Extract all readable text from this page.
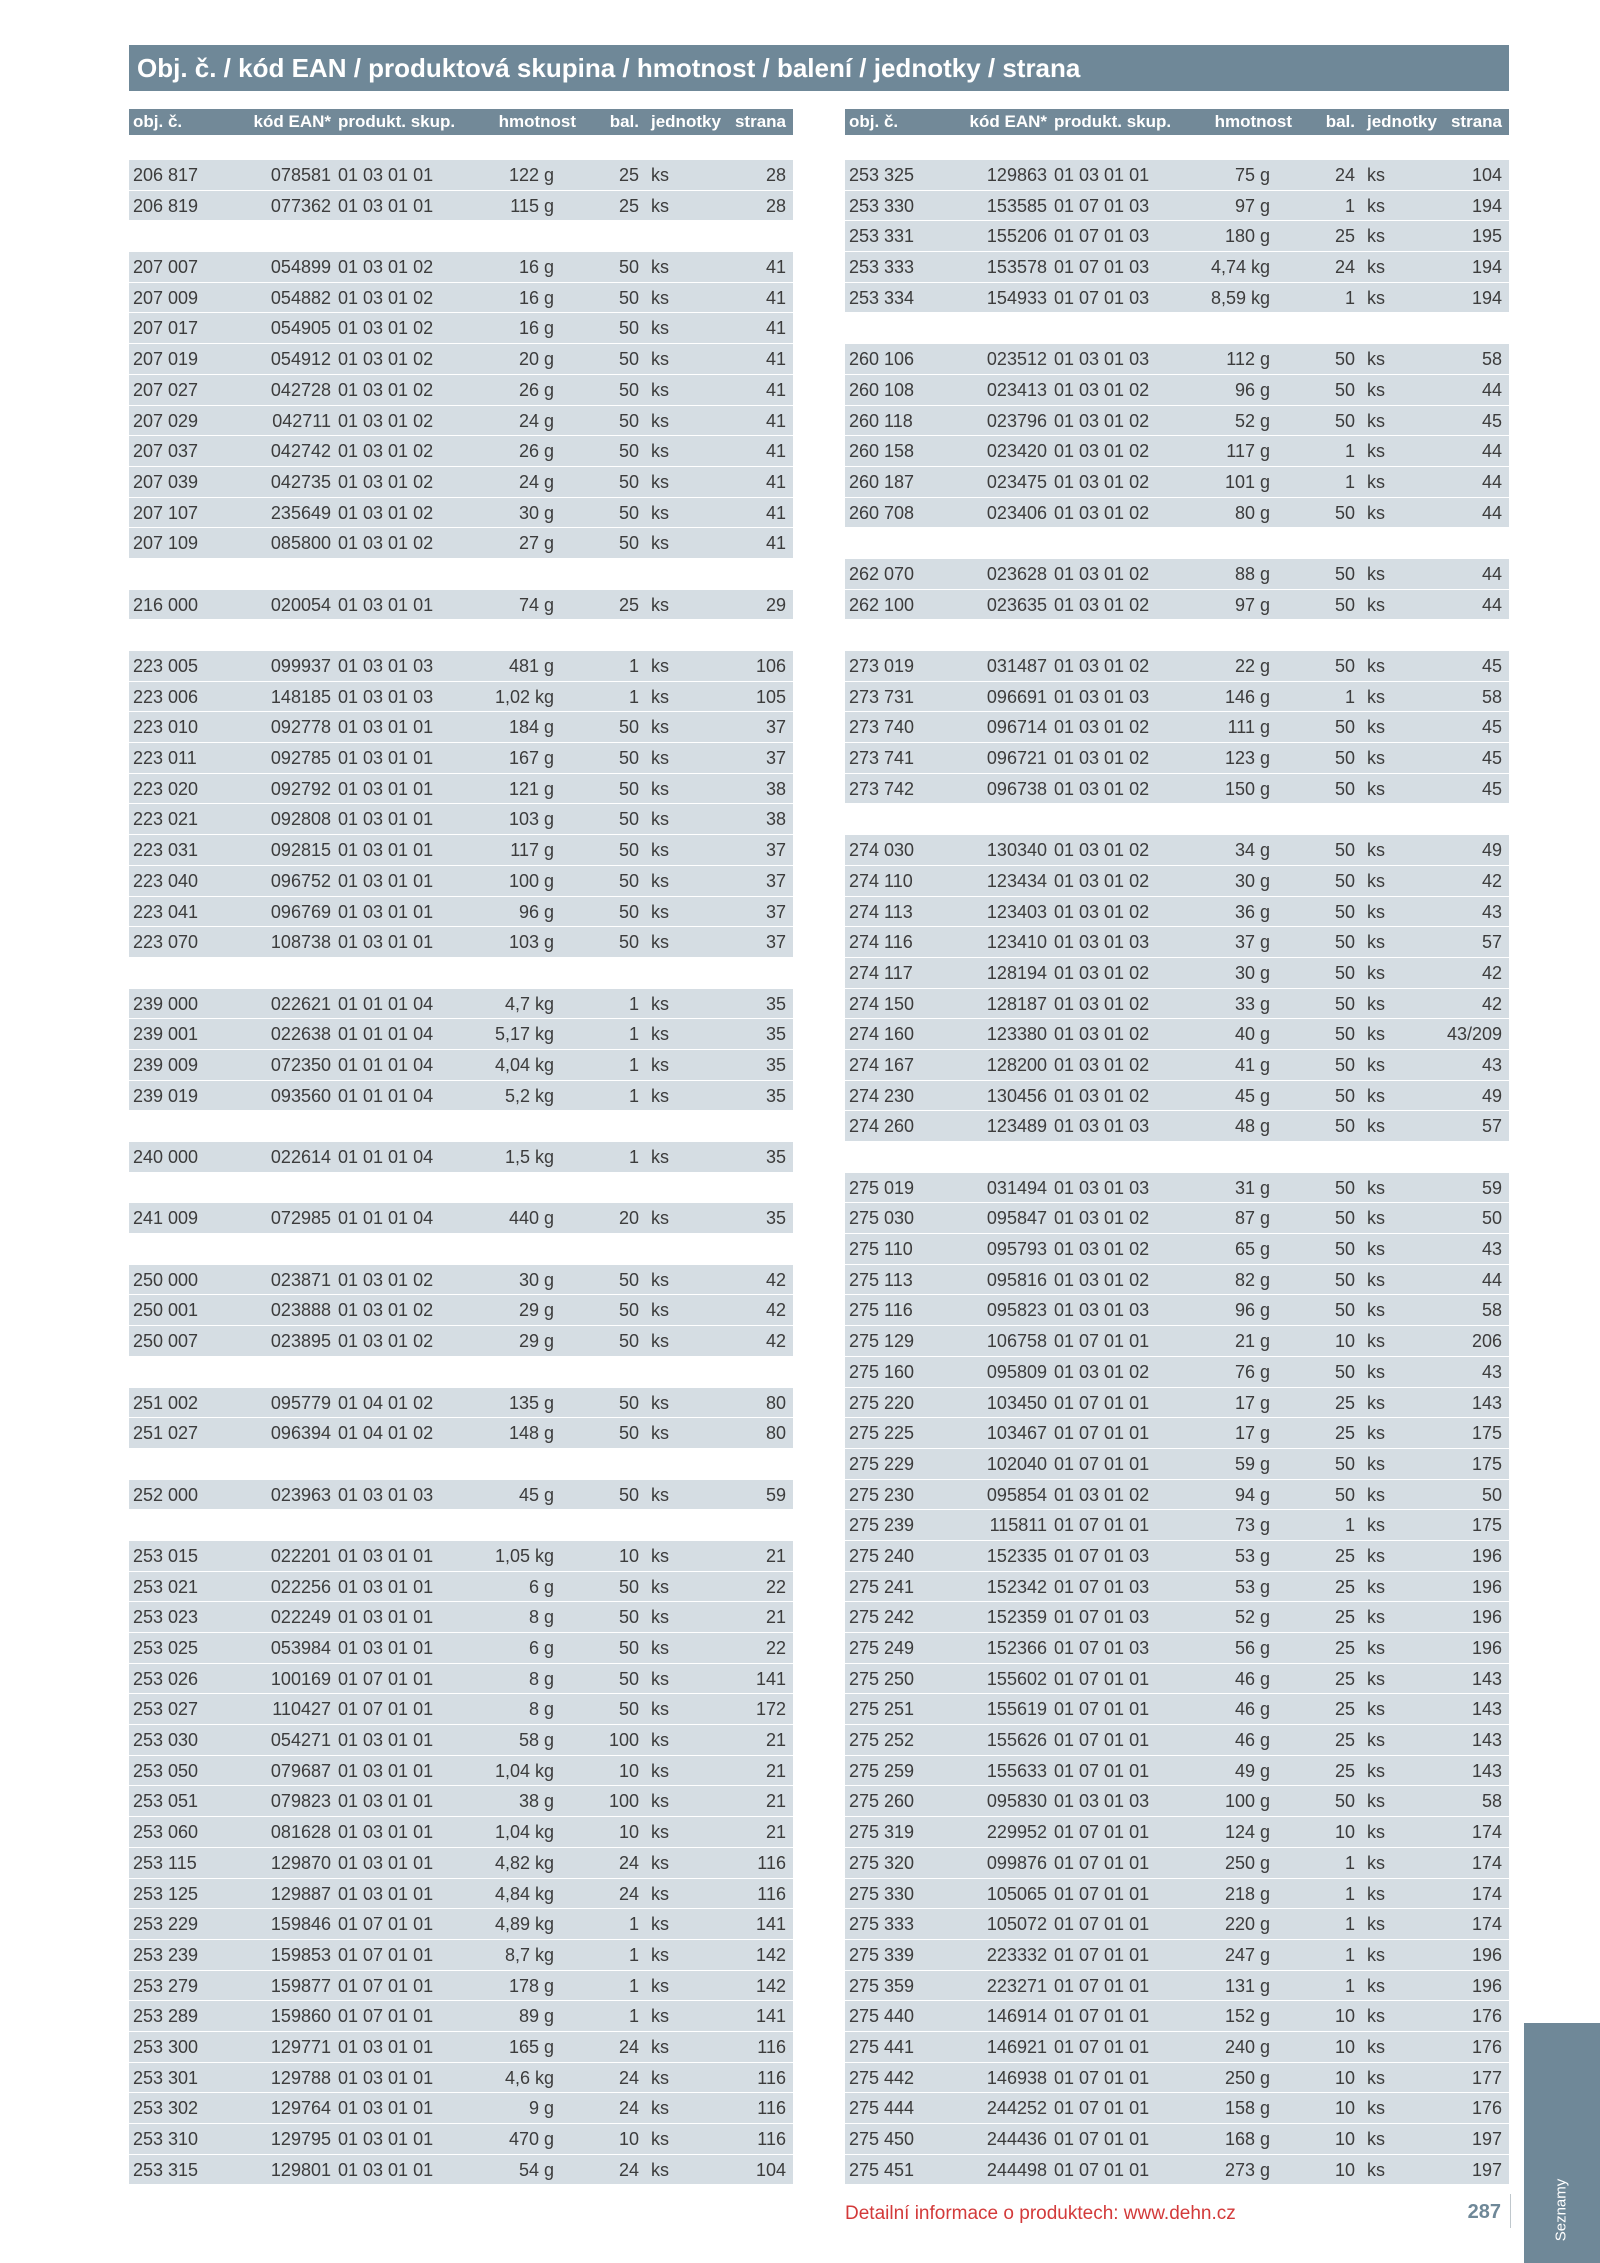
Obj. č. / kód EAN / produktová skupina / hmotnost / balení / jednotky / strana
obj. č.	kód EAN* produkt. skup.	hmotnost	bal. jednotky strana
206 817	078581 01 03 01 01	122 g	25 ks	28
206 819	077362 01 03 01 01	115 g	25 ks	28
207 007	054899 01 03 01 02	16 g	50 ks	41
207 009	054882 01 03 01 02	16 g	50 ks	41
207 017	054905 01 03 01 02	16 g	50 ks	41
207 019	054912 01 03 01 02	20 g	50 ks	41
207 027	042728 01 03 01 02	26 g	50 ks	41
207 029	042711 01 03 01 02	24 g	50 ks	41
207 037	042742 01 03 01 02	26 g	50 ks	41
207 039	042735 01 03 01 02	24 g	50 ks	41
207 107	235649 01 03 01 02	30 g	50 ks	41
207 109	085800 01 03 01 02	27 g	50 ks	41
216 000	020054 01 03 01 01	74 g	25 ks	29
223 005	099937 01 03 01 03	481 g	1 ks	106
223 006	148185 01 03 01 03	1,02 kg	1 ks	105
223 010	092778 01 03 01 01	184 g	50 ks	37
223 011	092785 01 03 01 01	167 g	50 ks	37
223 020	092792 01 03 01 01	121 g	50 ks	38
223 021	092808 01 03 01 01	103 g	50 ks	38
223 031	092815 01 03 01 01	117 g	50 ks	37
223 040	096752 01 03 01 01	100 g	50 ks	37
223 041	096769 01 03 01 01	96 g	50 ks	37
223 070	108738 01 03 01 01	103 g	50 ks	37
239 000	022621 01 01 01 04	4,7 kg	1 ks	35
239 001	022638 01 01 01 04	5,17 kg	1 ks	35
239 009	072350 01 01 01 04	4,04 kg	1 ks	35
239 019	093560 01 01 01 04	5,2 kg	1 ks	35
240 000	022614 01 01 01 04	1,5 kg	1 ks	35
241 009	072985 01 01 01 04	440 g	20 ks	35
250 000	023871 01 03 01 02	30 g	50 ks	42
250 001	023888 01 03 01 02	29 g	50 ks	42
250 007	023895 01 03 01 02	29 g	50 ks	42
251 002	095779 01 04 01 02	135 g	50 ks	80
251 027	096394 01 04 01 02	148 g	50 ks	80
252 000	023963 01 03 01 03	45 g	50 ks	59
253 015	022201 01 03 01 01	1,05 kg	10 ks	21
253 021	022256 01 03 01 01	6 g	50 ks	22
253 023	022249 01 03 01 01	8 g	50 ks	21
253 025	053984 01 03 01 01	6 g	50 ks	22
253 026	100169 01 07 01 01	8 g	50 ks	141
253 027	110427 01 07 01 01	8 g	50 ks	172
253 030	054271 01 03 01 01	58 g	100 ks	21
253 050	079687 01 03 01 01	1,04 kg	10 ks	21
253 051	079823 01 03 01 01	38 g	100 ks	21
253 060	081628 01 03 01 01	1,04 kg	10 ks	21
253 115	129870 01 03 01 01	4,82 kg	24 ks	116
253 125	129887 01 03 01 01	4,84 kg	24 ks	116
253 229	159846 01 07 01 01	4,89 kg	1 ks	141
253 239	159853 01 07 01 01	8,7 kg	1 ks	142
253 279	159877 01 07 01 01	178 g	1 ks	142
253 289	159860 01 07 01 01	89 g	1 ks	141
253 300	129771 01 03 01 01	165 g	24 ks	116
253 301	129788 01 03 01 01	4,6 kg	24 ks	116
253 302	129764 01 03 01 01	9 g	24 ks	116
253 310	129795 01 03 01 01	470 g	10 ks	116
253 315	129801 01 03 01 01	54 g	24 ks	104
obj. č.	kód EAN* produkt. skup.	hmotnost	bal. jednotky strana
253 325	129863 01 03 01 01	75 g	24 ks	104
253 330	153585 01 07 01 03	97 g	1 ks	194
253 331	155206 01 07 01 03	180 g	25 ks	195
253 333	153578 01 07 01 03	4,74 kg	24 ks	194
253 334	154933 01 07 01 03	8,59 kg	1 ks	194
260 106	023512 01 03 01 03	112 g	50 ks	58
260 108	023413 01 03 01 02	96 g	50 ks	44
260 118	023796 01 03 01 02	52 g	50 ks	45
260 158	023420 01 03 01 02	117 g	1 ks	44
260 187	023475 01 03 01 02	101 g	1 ks	44
260 708	023406 01 03 01 02	80 g	50 ks	44
262 070	023628 01 03 01 02	88 g	50 ks	44
262 100	023635 01 03 01 02	97 g	50 ks	44
273 019	031487 01 03 01 02	22 g	50 ks	45
273 731	096691 01 03 01 03	146 g	1 ks	58
273 740	096714 01 03 01 02	111 g	50 ks	45
273 741	096721 01 03 01 02	123 g	50 ks	45
273 742	096738 01 03 01 02	150 g	50 ks	45
274 030	130340 01 03 01 02	34 g	50 ks	49
274 110	123434 01 03 01 02	30 g	50 ks	42
274 113	123403 01 03 01 02	36 g	50 ks	43
274 116	123410 01 03 01 03	37 g	50 ks	57
274 117	128194 01 03 01 02	30 g	50 ks	42
274 150	128187 01 03 01 02	33 g	50 ks	42
274 160	123380 01 03 01 02	40 g	50 ks	43/209
274 167	128200 01 03 01 02	41 g	50 ks	43
274 230	130456 01 03 01 02	45 g	50 ks	49
274 260	123489 01 03 01 03	48 g	50 ks	57
275 019	031494 01 03 01 03	31 g	50 ks	59
275 030	095847 01 03 01 02	87 g	50 ks	50
275 110	095793 01 03 01 02	65 g	50 ks	43
275 113	095816 01 03 01 02	82 g	50 ks	44
275 116	095823 01 03 01 03	96 g	50 ks	58
275 129	106758 01 07 01 01	21 g	10 ks	206
275 160	095809 01 03 01 02	76 g	50 ks	43
275 220	103450 01 07 01 01	17 g	25 ks	143
275 225	103467 01 07 01 01	17 g	25 ks	175
275 229	102040 01 07 01 01	59 g	50 ks	175
275 230	095854 01 03 01 02	94 g	50 ks	50
275 239	115811 01 07 01 01	73 g	1 ks	175
275 240	152335 01 07 01 03	53 g	25 ks	196
275 241	152342 01 07 01 03	53 g	25 ks	196
275 242	152359 01 07 01 03	52 g	25 ks	196
275 249	152366 01 07 01 03	56 g	25 ks	196
275 250	155602 01 07 01 01	46 g	25 ks	143
275 251	155619 01 07 01 01	46 g	25 ks	143
275 252	155626 01 07 01 01	46 g	25 ks	143
275 259	155633 01 07 01 01	49 g	25 ks	143
275 260	095830 01 03 01 03	100 g	50 ks	58
275 319	229952 01 07 01 01	124 g	10 ks	174
275 320	099876 01 07 01 01	250 g	1 ks	174
275 330	105065 01 07 01 01	218 g	1 ks	174
275 333	105072 01 07 01 01	220 g	1 ks	174
275 339	223332 01 07 01 01	247 g	1 ks	196
275 359	223271 01 07 01 01	131 g	1 ks	196
275 440	146914 01 07 01 01	152 g	10 ks	176
275 441	146921 01 07 01 01	240 g	10 ks	176
275 442	146938 01 07 01 01	250 g	10 ks	177
275 444	244252 01 07 01 01	158 g	10 ks	176
275 450	244436 01 07 01 01	168 g	10 ks	197
275 451	244498 01 07 01 01	273 g	10 ks	197
Detailní informace o produktech: www.dehn.cz	287	Seznamy
